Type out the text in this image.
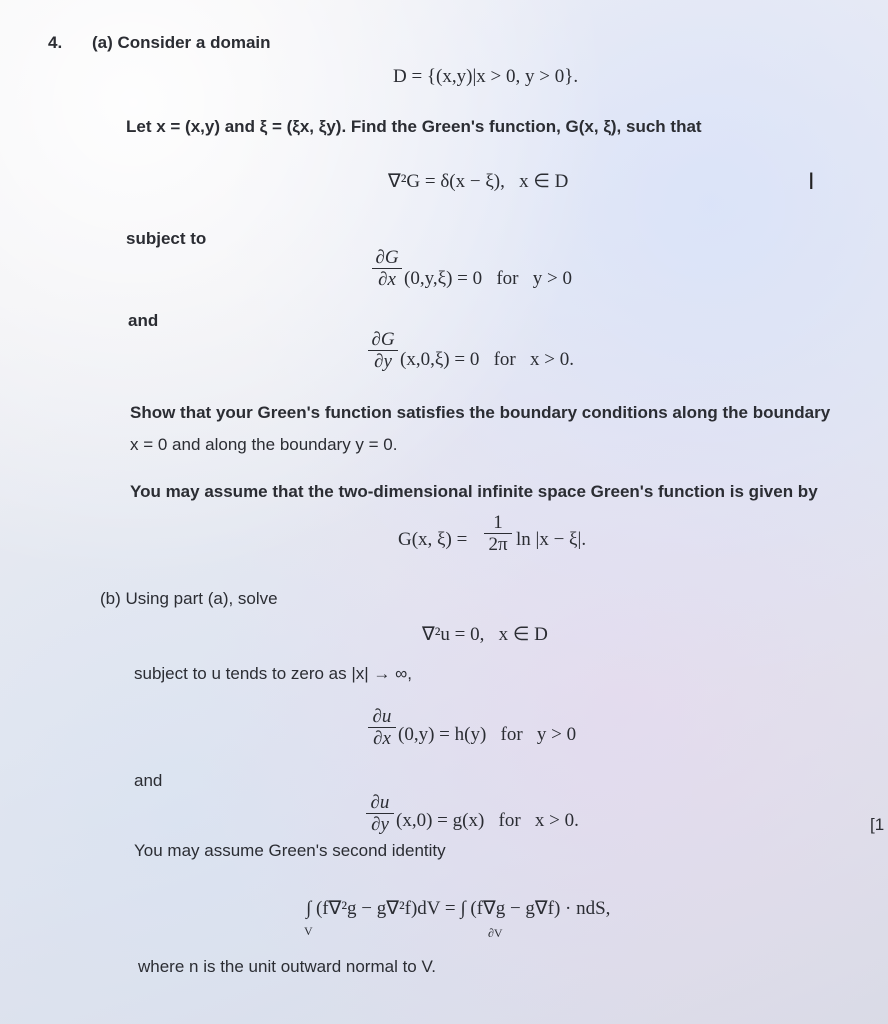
4. (a) Consider a domain
D = {(x,y)|x > 0, y > 0}.
Let x = (x,y) and ξ = (ξx, ξy). Find the Green's function, G(x, ξ), such that
∇²G = δ(x − ξ),   x ∈ D	I
subject to
∂G
∂x (0,y,ξ) = 0   for   y > 0
and
∂G
∂y (x,0,ξ) = 0   for   x > 0.
Show that your Green's function satisfies the boundary conditions along the boundary
x = 0 and along the boundary y = 0.
You may assume that the two-dimensional infinite space Green's function is given by
G(x, ξ) =
1
2π ln |x − ξ|.
(b) Using part (a), solve
∇²u = 0,   x ∈ D
subject to u tends to zero as |x| → ∞,
∂u
∂x (0,y) = h(y)   for   y > 0
and
∂u
∂y (x,0) = g(x)   for   x > 0.	[1
You may assume Green's second identity
∫ (f∇²g − g∇²f)dV = ∫ (f∇g − g∇f) · ndS,
V	∂V
where n is the unit outward normal to V.
